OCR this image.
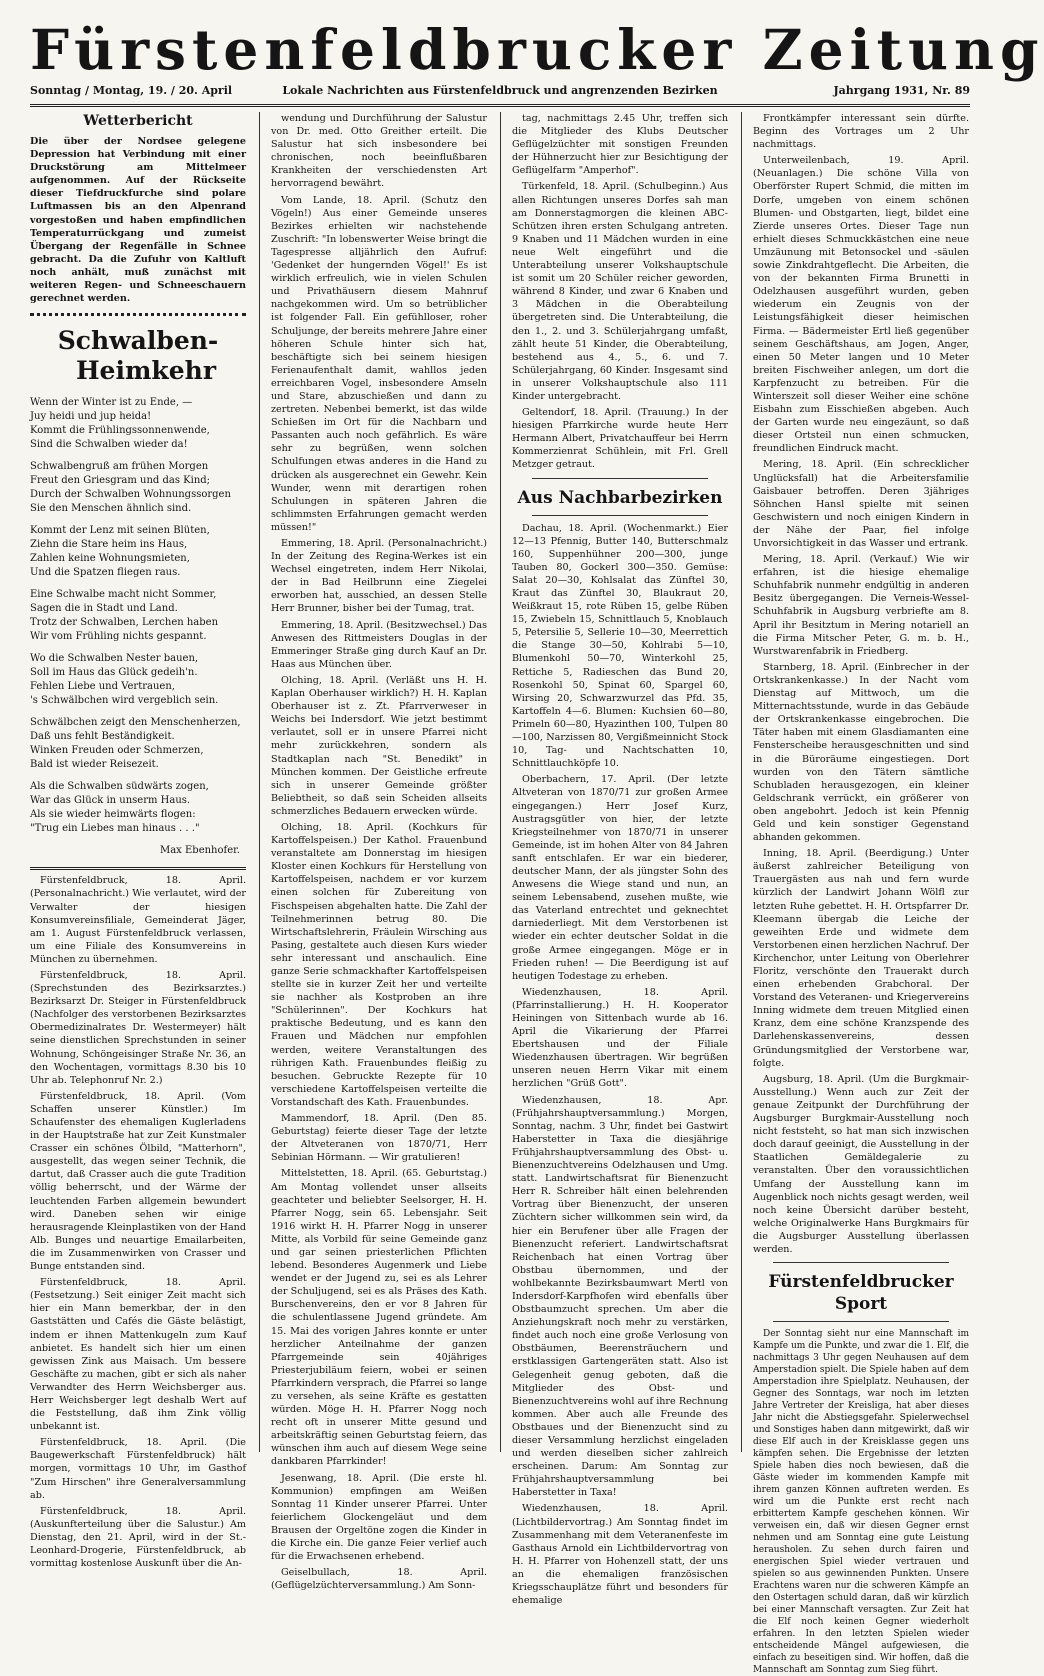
Fürstenfeldbrucker Zeitung
Sonntag / Montag, 19. / 20. April	Lokale Nachrichten aus Fürstenfeldbruck und angrenzenden Bezirken	Jahrgang 1931, Nr. 89
Wetterbericht

Die über der Nordsee gelegene Depression hat Verbindung mit einer Druckstörung am Mittelmeer aufgenommen. Auf der Rückseite dieser Tiefdruckfurche sind polare Luftmassen bis an den Alpenrand vorgestoßen und haben empfindlichen Temperaturrückgang und zumeist Übergang der Regenfälle in Schnee gebracht. Da die Zufuhr von Kaltluft noch anhält, muß zunächst mit weiteren Regen- und Schneeschauern gerechnet werden.

Schwalben-
Heimkehr
Wenn der Winter ist zu Ende, —
Juy heidi und jup heida!
Kommt die Frühlingssonnenwende,
Sind die Schwalben wieder da!
Schwalbengruß am frühen Morgen
Freut den Griesgram und das Kind;
Durch der Schwalben Wohnungssorgen
Sie den Menschen ähnlich sind.
Kommt der Lenz mit seinen Blüten,
Ziehn die Stare heim ins Haus,
Zahlen keine Wohnungsmieten,
Und die Spatzen fliegen raus.
Eine Schwalbe macht nicht Sommer,
Sagen die in Stadt und Land.
Trotz der Schwalben, Lerchen haben
Wir vom Frühling nichts gespannt.
Wo die Schwalben Nester bauen,
Soll im Haus das Glück gedeih'n.
Fehlen Liebe und Vertrauen,
's Schwälbchen wird vergeblich sein.
Schwälbchen zeigt den Menschenherzen,
Daß uns fehlt Beständigkeit.
Winken Freuden oder Schmerzen,
Bald ist wieder Reisezeit.
Als die Schwalben südwärts zogen,
War das Glück in unserm Haus.
Als sie wieder heimwärts flogen:
"Trug ein Liebes man hinaus . . ."
Max Ebenhofer.

Fürstenfeldbruck, 18. April. (Personalnachricht.) Wie verlautet, wird der Verwalter der hiesigen Konsumvereinsfiliale, Gemeinderat Jäger, am 1. August Fürstenfeldbruck verlassen, um eine Filiale des Konsumvereins in München zu übernehmen.

Fürstenfeldbruck, 18. April. (Sprechstunden des Bezirksarztes.) Bezirksarzt Dr. Steiger in Fürstenfeldbruck (Nachfolger des verstorbenen Bezirksarztes Obermedizinalrates Dr. Westermeyer) hält seine dienstlichen Sprechstunden in seiner Wohnung, Schöngeisinger Straße Nr. 36, an den Wochentagen, vormittags 8.30 bis 10 Uhr ab. Telephonruf Nr. 2.)

Fürstenfeldbruck, 18. April. (Vom Schaffen unserer Künstler.) Im Schaufenster des ehemaligen Kuglerladens in der Hauptstraße hat zur Zeit Kunstmaler Crasser ein schönes Ölbild, "Matterhorn", ausgestellt, das wegen seiner Technik, die dartut, daß Crasser auch die gute Tradition völlig beherrscht, und der Wärme der leuchtenden Farben allgemein bewundert wird. Daneben sehen wir einige herausragende Kleinplastiken von der Hand Alb. Bunges und neuartige Emailarbeiten, die im Zusammenwirken von Crasser und Bunge entstanden sind.

Fürstenfeldbruck, 18. April. (Festsetzung.) Seit einiger Zeit macht sich hier ein Mann bemerkbar, der in den Gaststätten und Cafés die Gäste belästigt, indem er ihnen Mattenkugeln zum Kauf anbietet. Es handelt sich hier um einen gewissen Zink aus Maisach. Um bessere Geschäfte zu machen, gibt er sich als naher Verwandter des Herrn Weichsberger aus. Herr Weichsberger legt deshalb Wert auf die Feststellung, daß ihm Zink völlig unbekannt ist.

Fürstenfeldbruck, 18. April. (Die Baugewerkschaft Fürstenfeldbruck) hält morgen, vormittags 10 Uhr, im Gasthof "Zum Hirschen" ihre Generalversammlung ab.

Fürstenfeldbruck, 18. April. (Auskunfterteilung über die Salustur.) Am Dienstag, den 21. April, wird in der St.-Leonhard-Drogerie, Fürstenfeldbruck, ab vormittag kostenlose Auskunft über die An-

wendung und Durchführung der Salustur von Dr. med. Otto Greither erteilt. Die Salustur hat sich insbesondere bei chronischen, noch beeinflußbaren Krankheiten der verschiedensten Art hervorragend bewährt.

Vom Lande, 18. April. (Schutz den Vögeln!) Aus einer Gemeinde unseres Bezirkes erhielten wir nachstehende Zuschrift: "In lobenswerter Weise bringt die Tagespresse alljährlich den Aufruf: 'Gedenket der hungernden Vögel!' Es ist wirklich erfreulich, wie in vielen Schulen und Privathäusern diesem Mahnruf nachgekommen wird. Um so betrüblicher ist folgender Fall. Ein gefühlloser, roher Schuljunge, der bereits mehrere Jahre einer höheren Schule hinter sich hat, beschäftigte sich bei seinem hiesigen Ferienaufenthalt damit, wahllos jeden erreichbaren Vogel, insbesondere Amseln und Stare, abzuschießen und dann zu zertreten. Nebenbei bemerkt, ist das wilde Schießen im Ort für die Nachbarn und Passanten auch noch gefährlich. Es wäre sehr zu begrüßen, wenn solchen Schulfungen etwas anderes in die Hand zu drücken als ausgerechnet ein Gewehr. Kein Wunder, wenn mit derartigen rohen Schulungen in späteren Jahren die schlimmsten Erfahrungen gemacht werden müssen!"

Emmering, 18. April. (Personalnachricht.) In der Zeitung des Regina-Werkes ist ein Wechsel eingetreten, indem Herr Nikolai, der in Bad Heilbrunn eine Ziegelei erworben hat, ausschied, an dessen Stelle Herr Brunner, bisher bei der Tumag, trat.

Emmering, 18. April. (Besitzwechsel.) Das Anwesen des Rittmeisters Douglas in der Emmeringer Straße ging durch Kauf an Dr. Haas aus München über.

Olching, 18. April. (Verläßt uns H. H. Kaplan Oberhauser wirklich?) H. H. Kaplan Oberhauser ist z. Zt. Pfarrverweser in Weichs bei Indersdorf. Wie jetzt bestimmt verlautet, soll er in unsere Pfarrei nicht mehr zurückkehren, sondern als Stadtkaplan nach "St. Benedikt" in München kommen. Der Geistliche erfreute sich in unserer Gemeinde größter Beliebtheit, so daß sein Scheiden allseits schmerzliches Bedauern erwecken würde.

Olching, 18. April. (Kochkurs für Kartoffelspeisen.) Der Kathol. Frauenbund veranstaltete am Donnerstag im hiesigen Kloster einen Kochkurs für Herstellung von Kartoffelspeisen, nachdem er vor kurzem einen solchen für Zubereitung von Fischspeisen abgehalten hatte. Die Zahl der Teilnehmerinnen betrug 80. Die Wirtschaftslehrerin, Fräulein Wirsching aus Pasing, gestaltete auch diesen Kurs wieder sehr interessant und anschaulich. Eine ganze Serie schmackhafter Kartoffelspeisen stellte sie in kurzer Zeit her und verteilte sie nachher als Kostproben an ihre "Schülerinnen". Der Kochkurs hat praktische Bedeutung, und es kann den Frauen und Mädchen nur empfohlen werden, weitere Veranstaltungen des rührigen Kath. Frauenbundes fleißig zu besuchen. Gebruckte Rezepte für 10 verschiedene Kartoffelspeisen verteilte die Vorstandschaft des Kath. Frauenbundes.

Mammendorf, 18. April. (Den 85. Geburtstag) feierte dieser Tage der letzte der Altveteranen von 1870/71, Herr Sebinian Hörmann. — Wir gratulieren!

Mittelstetten, 18. April. (65. Geburtstag.) Am Montag vollendet unser allseits geachteter und beliebter Seelsorger, H. H. Pfarrer Nogg, sein 65. Lebensjahr. Seit 1916 wirkt H. H. Pfarrer Nogg in unserer Mitte, als Vorbild für seine Gemeinde ganz und gar seinen priesterlichen Pflichten lebend. Besonderes Augenmerk und Liebe wendet er der Jugend zu, sei es als Lehrer der Schuljugend, sei es als Präses des Kath. Burschenvereins, den er vor 8 Jahren für die schulentlassene Jugend gründete. Am 15. Mai des vorigen Jahres konnte er unter herzlicher Anteilnahme der ganzen Pfarrgemeinde sein 40jähriges Priesterjubiläum feiern, wobei er seinen Pfarrkindern versprach, die Pfarrei so lange zu versehen, als seine Kräfte es gestatten würden. Möge H. H. Pfarrer Nogg noch recht oft in unserer Mitte gesund und arbeitskräftig seinen Geburtstag feiern, das wünschen ihm auch auf diesem Wege seine dankbaren Pfarrkinder!

Jesenwang, 18. April. (Die erste hl. Kommunion) empfingen am Weißen Sonntag 11 Kinder unserer Pfarrei. Unter feierlichem Glockengeläut und dem Brausen der Orgeltöne zogen die Kinder in die Kirche ein. Die ganze Feier verlief auch für die Erwachsenen erhebend.

Geiselbullach, 18. April. (Geflügelzüchterversammlung.) Am Sonn-

tag, nachmittags 2.45 Uhr, treffen sich die Mitglieder des Klubs Deutscher Geflügelzüchter mit sonstigen Freunden der Hühnerzucht hier zur Besichtigung der Geflügelfarm "Amperhof".

Türkenfeld, 18. April. (Schulbeginn.) Aus allen Richtungen unseres Dorfes sah man am Donnerstagmorgen die kleinen ABC-Schützen ihren ersten Schulgang antreten. 9 Knaben und 11 Mädchen wurden in eine neue Welt eingeführt und die Unterabteilung unserer Volkshauptschule ist somit um 20 Schüler reicher geworden, während 8 Kinder, und zwar 6 Knaben und 3 Mädchen in die Oberabteilung übergetreten sind. Die Unterabteilung, die den 1., 2. und 3. Schülerjahrgang umfaßt, zählt heute 51 Kinder, die Oberabteilung, bestehend aus 4., 5., 6. und 7. Schülerjahrgang, 60 Kinder. Insgesamt sind in unserer Volkshauptschule also 111 Kinder untergebracht.

Geltendorf, 18. April. (Trauung.) In der hiesigen Pfarrkirche wurde heute Herr Hermann Albert, Privatchauffeur bei Herrn Kommerzienrat Schühlein, mit Frl. Grell Metzger getraut.

Aus Nachbarbezirken

Dachau, 18. April. (Wochenmarkt.) Eier 12—13 Pfennig, Butter 140, Butterschmalz 160, Suppenhühner 200—300, junge Tauben 80, Gockerl 300—350. Gemüse: Salat 20—30, Kohlsalat das Zünftel 30, Kraut das Zünftel 30, Blaukraut 20, Weißkraut 15, rote Rüben 15, gelbe Rüben 15, Zwiebeln 15, Schnittlauch 5, Knoblauch 5, Petersilie 5, Sellerie 10—30, Meerrettich die Stange 30—50, Kohlrabi 5—10, Blumenkohl 50—70, Winterkohl 25, Rettiche 5, Radieschen das Bund 20, Rosenkohl 50, Spinat 60, Spargel 60, Wirsing 20, Schwarzwurzel das Pfd. 35, Kartoffeln 4—6. Blumen: Kuchsien 60—80, Primeln 60—80, Hyazinthen 100, Tulpen 80—100, Narzissen 80, Vergißmeinnicht Stock 10, Tag- und Nachtschatten 10, Schnittlauchköpfe 10.

Oberbachern, 17. April. (Der letzte Altveteran von 1870/71 zur großen Armee eingegangen.) Herr Josef Kurz, Austragsgütler von hier, der letzte Kriegsteilnehmer von 1870/71 in unserer Gemeinde, ist im hohen Alter von 84 Jahren sanft entschlafen. Er war ein biederer, deutscher Mann, der als jüngster Sohn des Anwesens die Wiege stand und nun, an seinem Lebensabend, zusehen mußte, wie das Vaterland entrechtet und geknechtet darniederliegt. Mit dem Verstorbenen ist wieder ein echter deutscher Soldat in die große Armee eingegangen. Möge er in Frieden ruhen! — Die Beerdigung ist auf heutigen Todestage zu erheben.

Wiedenzhausen, 18. April. (Pfarrinstallierung.) H. H. Kooperator Heiningen von Sittenbach wurde ab 16. April die Vikarierung der Pfarrei Ebertshausen und der Filiale Wiedenzhausen übertragen. Wir begrüßen unseren neuen Herrn Vikar mit einem herzlichen "Grüß Gott".

Wiedenzhausen, 18. Apr. (Frühjahrshauptversammlung.) Morgen, Sonntag, nachm. 3 Uhr, findet bei Gastwirt Haberstetter in Taxa die diesjährige Frühjahrshauptversammlung des Obst- u. Bienenzuchtvereins Odelzhausen und Umg. statt. Landwirtschaftsrat für Bienenzucht Herr R. Schreiber hält einen belehrenden Vortrag über Bienenzucht, der unseren Züchtern sicher willkommen sein wird, da hier ein Berufener über alle Fragen der Bienenzucht referiert. Landwirtschaftsrat Reichenbach hat einen Vortrag über Obstbau übernommen, und der wohlbekannte Bezirksbaumwart Mertl von Indersdorf-Karpfhofen wird ebenfalls über Obstbaumzucht sprechen. Um aber die Anziehungskraft noch mehr zu verstärken, findet auch noch eine große Verlosung von Obstbäumen, Beerensträuchern und erstklassigen Gartengeräten statt. Also ist Gelegenheit genug geboten, daß die Mitglieder des Obst- und Bienenzuchtvereins wohl auf ihre Rechnung kommen. Aber auch alle Freunde des Obstbaues und der Bienenzucht sind zu dieser Versammlung herzlichst eingeladen und werden dieselben sicher zahlreich erscheinen. Darum: Am Sonntag zur Frühjahrshauptversammlung bei Haberstetter in Taxa!

Wiedenzhausen, 18. April. (Lichtbildervortrag.) Am Sonntag findet im Zusammenhang mit dem Veteranenfeste im Gasthaus Arnold ein Lichtbildervortrag von H. H. Pfarrer von Hohenzell statt, der uns an die ehemaligen französischen Kriegsschauplätze führt und besonders für ehemalige

Frontkämpfer interessant sein dürfte. Beginn des Vortrages um 2 Uhr nachmittags.

Unterweilenbach, 19. April. (Neuanlagen.) Die schöne Villa von Oberförster Rupert Schmid, die mitten im Dorfe, umgeben von einem schönen Blumen- und Obstgarten, liegt, bildet eine Zierde unseres Ortes. Dieser Tage nun erhielt dieses Schmuckkästchen eine neue Umzäunung mit Betonsockel und -säulen sowie Zinkdrahtgeflecht. Die Arbeiten, die von der bekannten Firma Brunetti in Odelzhausen ausgeführt wurden, geben wiederum ein Zeugnis von der Leistungsfähigkeit dieser heimischen Firma. — Bädermeister Ertl ließ gegenüber seinem Geschäftshaus, am Jogen, Anger, einen 50 Meter langen und 10 Meter breiten Fischweiher anlegen, um dort die Karpfenzucht zu betreiben. Für die Winterszeit soll dieser Weiher eine schöne Eisbahn zum Eisschießen abgeben. Auch der Garten wurde neu eingezäunt, so daß dieser Ortsteil nun einen schmucken, freundlichen Eindruck macht.

Mering, 18. April. (Ein schrecklicher Unglücksfall) hat die Arbeitersfamilie Gaisbauer betroffen. Deren 3jähriges Söhnchen Hansl spielte mit seinen Geschwistern und noch einigen Kindern in der Nähe der Paar, fiel infolge Unvorsichtigkeit in das Wasser und ertrank.

Mering, 18. April. (Verkauf.) Wie wir erfahren, ist die hiesige ehemalige Schuhfabrik nunmehr endgültig in anderen Besitz übergegangen. Die Verneis-Wessel-Schuhfabrik in Augsburg verbriefte am 8. April ihr Besitztum in Mering notariell an die Firma Mitscher Peter, G. m. b. H., Wurstwarenfabrik in Friedberg.

Starnberg, 18. April. (Einbrecher in der Ortskrankenkasse.) In der Nacht vom Dienstag auf Mittwoch, um die Mitternachtsstunde, wurde in das Gebäude der Ortskrankenkasse eingebrochen. Die Täter haben mit einem Glasdiamanten eine Fensterscheibe herausgeschnitten und sind in die Büroräume eingestiegen. Dort wurden von den Tätern sämtliche Schubladen herausgezogen, ein kleiner Geldschrank verrückt, ein größerer von oben angebohrt. Jedoch ist kein Pfennig Geld und kein sonstiger Gegenstand abhanden gekommen.

Inning, 18. April. (Beerdigung.) Unter äußerst zahlreicher Beteiligung von Trauergästen aus nah und fern wurde kürzlich der Landwirt Johann Wölfl zur letzten Ruhe gebettet. H. H. Ortspfarrer Dr. Kleemann übergab die Leiche der geweihten Erde und widmete dem Verstorbenen einen herzlichen Nachruf. Der Kirchenchor, unter Leitung von Oberlehrer Floritz, verschönte den Trauerakt durch einen erhebenden Grabchoral. Der Vorstand des Veteranen- und Kriegervereins Inning widmete dem treuen Mitglied einen Kranz, dem eine schöne Kranzspende des Darlehenskassenvereins, dessen Gründungsmitglied der Verstorbene war, folgte.

Augsburg, 18. April. (Um die Burgkmair-Ausstellung.) Wenn auch zur Zeit der genaue Zeitpunkt der Durchführung der Augsburger Burgkmair-Ausstellung noch nicht feststeht, so hat man sich inzwischen doch darauf geeinigt, die Ausstellung in der Staatlichen Gemäldegalerie zu veranstalten. Über den voraussichtlichen Umfang der Ausstellung kann im Augenblick noch nichts gesagt werden, weil noch keine Übersicht darüber besteht, welche Originalwerke Hans Burgkmairs für die Augsburger Ausstellung überlassen werden.

Fürstenfeldbrucker Sport

Der Sonntag sieht nur eine Mannschaft im Kampfe um die Punkte, und zwar die 1. Elf, die nachmittags 3 Uhr gegen Neuhausen auf dem Amperstadion spielt. Die Spiele haben auf dem Amperstadion ihre Spielplatz. Neuhausen, der Gegner des Sonntags, war noch im letzten Jahre Vertreter der Kreisliga, hat aber dieses Jahr nicht die Abstiegsgefahr. Spielerwechsel und Sonstiges haben dann mitgewirkt, daß wir diese Elf auch in der Kreisklasse gegen uns kämpfen sehen. Die Ergebnisse der letzten Spiele haben dies noch bewiesen, daß die Gäste wieder im kommenden Kampfe mit ihrem ganzen Können auftreten werden. Es wird um die Punkte erst recht nach erbittertem Kampfe geschehen können. Wir verweisen ein, daß wir diesen Gegner ernst nehmen und am Sonntag eine gute Leistung herausholen. Zu sehen durch fairen und energischen Spiel wieder vertrauen und spielen so aus gewinnenden Punkten. Unsere Erachtens waren nur die schweren Kämpfe an den Ostertagen schuld daran, daß wir kürzlich bei einer Mannschaft versagten. Zur Zeit hat die Elf noch keinen Gegner wiederholt erfahren. In den letzten Spielen wieder entscheidende Mängel aufgewiesen, die einfach zu beseitigen sind. Wir hoffen, daß die Mannschaft am Sonntag zum Sieg führt.
